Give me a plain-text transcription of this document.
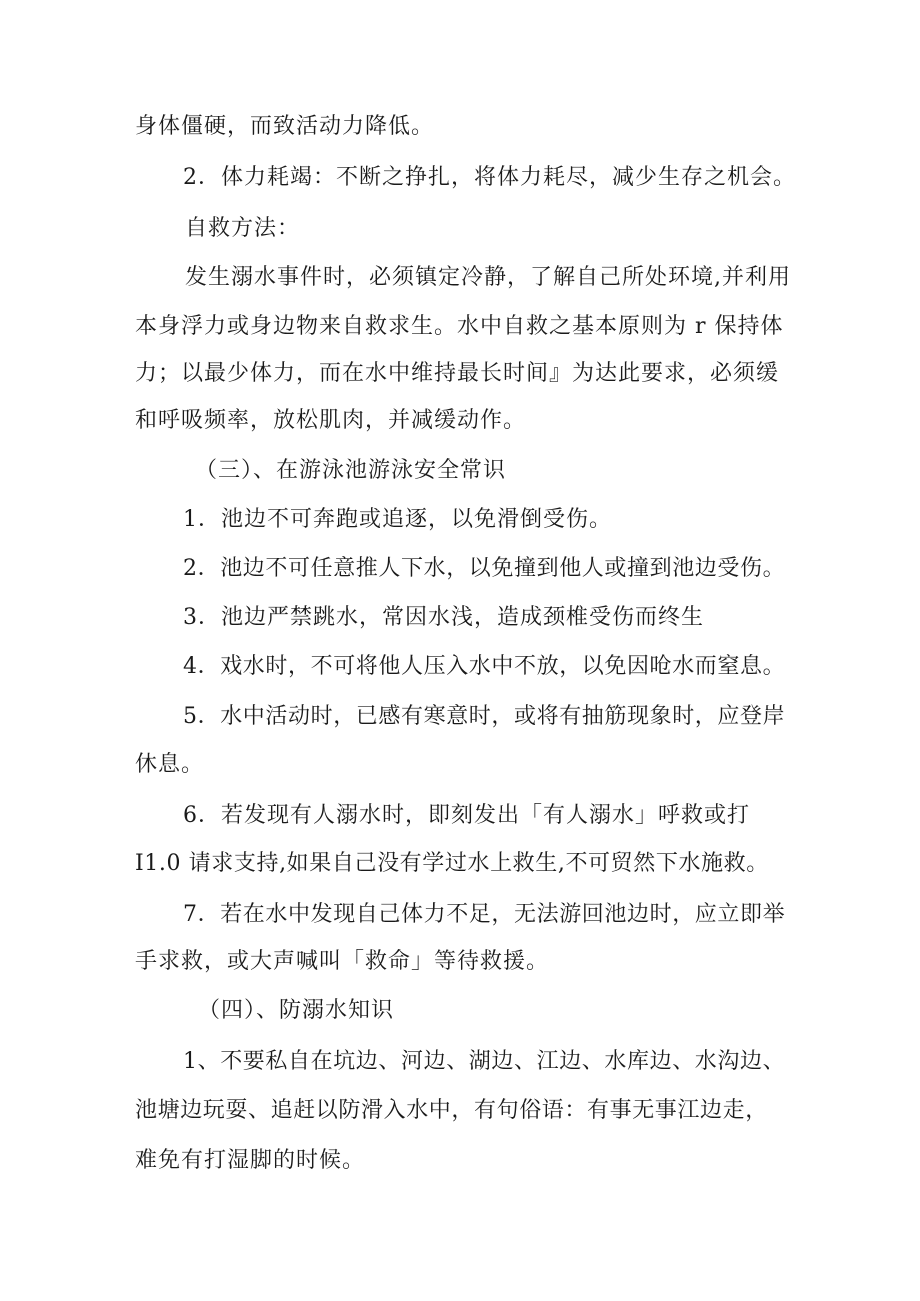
身体僵硬，而致活动力降低。

2．体力耗竭：不断之挣扎，将体力耗尽，减少生存之机会。

自救方法：

发生溺水事件时，必须镇定冷静，了解自己所处环境,并利用

本身浮力或身边物来自救求生。水中自救之基本原则为 r 保持体

力；以最少体力，而在水中维持最长时间』为达此要求，必须缓

和呼吸频率，放松肌肉，并减缓动作。

（三）、在游泳池游泳安全常识

1．池边不可奔跑或追逐，以免滑倒受伤。

2．池边不可任意推人下水，以免撞到他人或撞到池边受伤。

3．池边严禁跳水，常因水浅，造成颈椎受伤而终生

4．戏水时，不可将他人压入水中不放，以免因呛水而窒息。

5．水中活动时，已感有寒意时，或将有抽筋现象时，应登岸

休息。

6．若发现有人溺水时，即刻发出「有人溺水」呼救或打

I1.0 请求支持,如果自己没有学过水上救生,不可贸然下水施救。

7．若在水中发现自己体力不足，无法游回池边时，应立即举

手求救，或大声喊叫「救命」等待救援。

（四）、防溺水知识

1、不要私自在坑边、河边、湖边、江边、水库边、水沟边、

池塘边玩耍、追赶以防滑入水中，有句俗语：有事无事江边走，

难免有打湿脚的时候。
